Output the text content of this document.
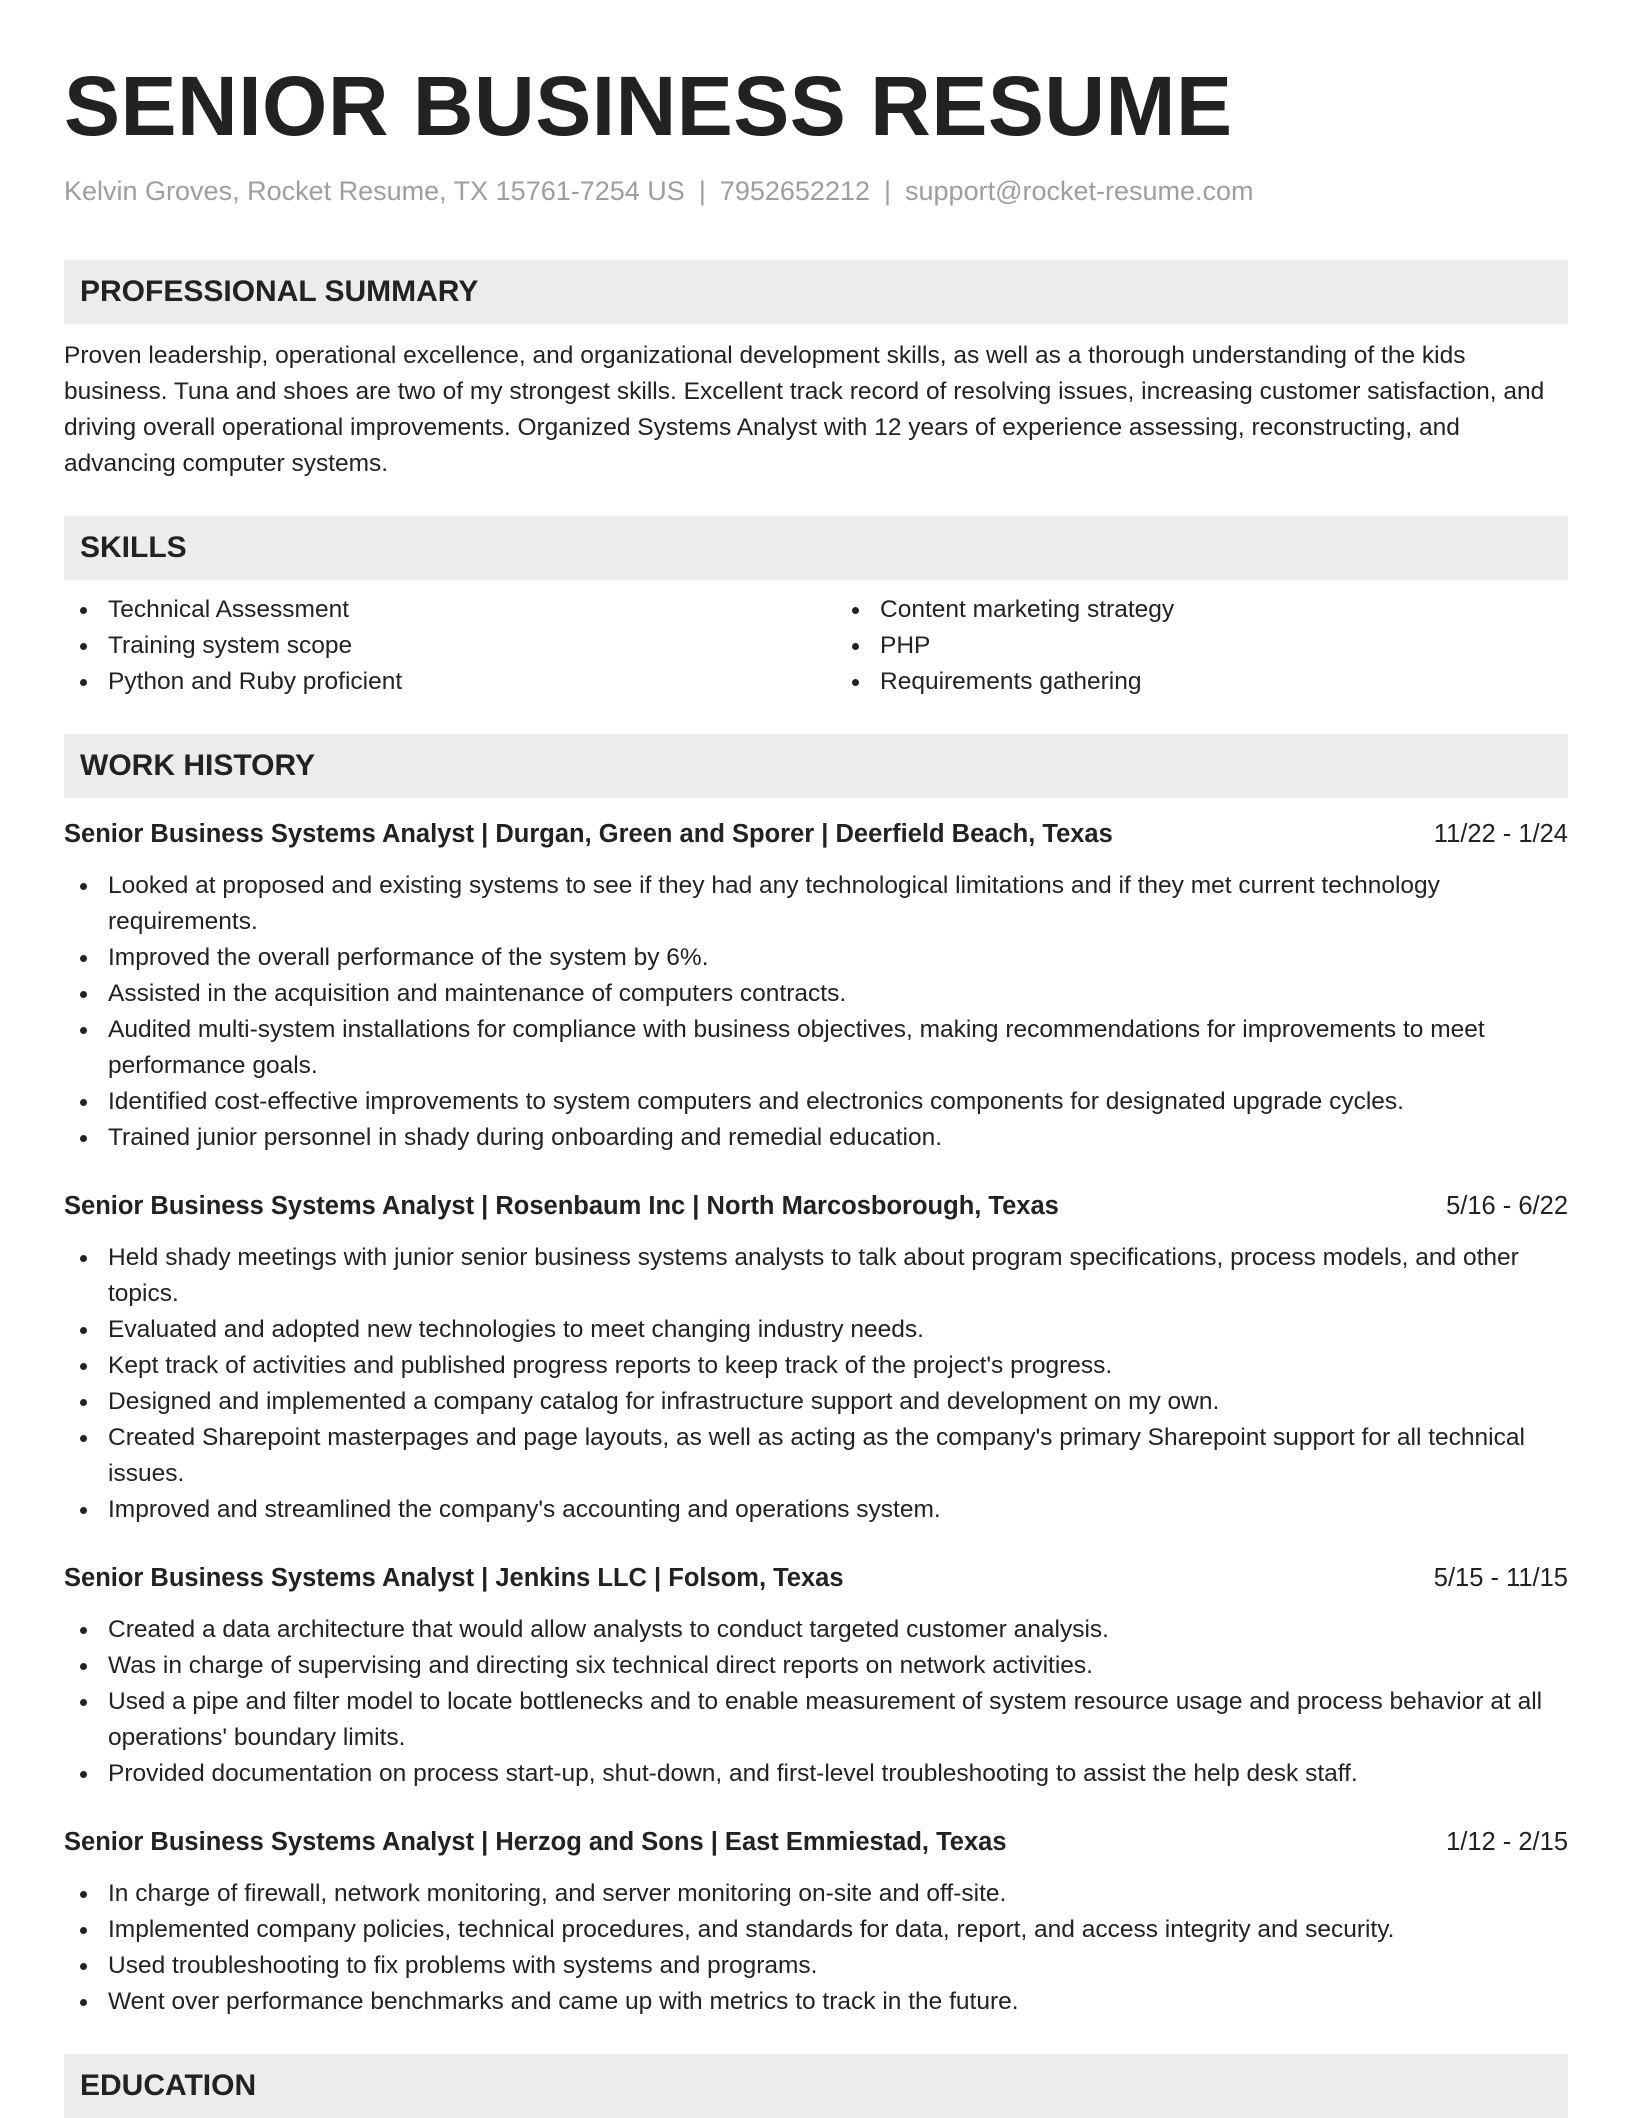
SENIOR BUSINESS RESUME
Kelvin Groves, Rocket Resume, TX 15761-7254 US | 7952652212 | support@rocket-resume.com
PROFESSIONAL SUMMARY

Proven leadership, operational excellence, and organizational development skills, as well as a thorough understanding of the kids business. Tuna and shoes are two of my strongest skills. Excellent track record of resolving issues, increasing customer satisfaction, and driving overall operational improvements. Organized Systems Analyst with 12 years of experience assessing, reconstructing, and advancing computer systems.

SKILLS
Technical Assessment
Training system scope
Python and Ruby proficient
Content marketing strategy
PHP
Requirements gathering
WORK HISTORY
Senior Business Systems Analyst | Durgan, Green and Sporer | Deerfield Beach, Texas	11/22 - 1/24
Looked at proposed and existing systems to see if they had any technological limitations and if they met current technology requirements.
Improved the overall performance of the system by 6%.
Assisted in the acquisition and maintenance of computers contracts.
Audited multi-system installations for compliance with business objectives, making recommendations for improvements to meet performance goals.
Identified cost-effective improvements to system computers and electronics components for designated upgrade cycles.
Trained junior personnel in shady during onboarding and remedial education.
Senior Business Systems Analyst | Rosenbaum Inc | North Marcosborough, Texas	5/16 - 6/22
Held shady meetings with junior senior business systems analysts to talk about program specifications, process models, and other topics.
Evaluated and adopted new technologies to meet changing industry needs.
Kept track of activities and published progress reports to keep track of the project's progress.
Designed and implemented a company catalog for infrastructure support and development on my own.
Created Sharepoint masterpages and page layouts, as well as acting as the company's primary Sharepoint support for all technical issues.
Improved and streamlined the company's accounting and operations system.
Senior Business Systems Analyst | Jenkins LLC | Folsom, Texas	5/15 - 11/15
Created a data architecture that would allow analysts to conduct targeted customer analysis.
Was in charge of supervising and directing six technical direct reports on network activities.
Used a pipe and filter model to locate bottlenecks and to enable measurement of system resource usage and process behavior at all operations' boundary limits.
Provided documentation on process start-up, shut-down, and first-level troubleshooting to assist the help desk staff.
Senior Business Systems Analyst | Herzog and Sons | East Emmiestad, Texas	1/12 - 2/15
In charge of firewall, network monitoring, and server monitoring on-site and off-site.
Implemented company policies, technical procedures, and standards for data, report, and access integrity and security.
Used troubleshooting to fix problems with systems and programs.
Went over performance benchmarks and came up with metrics to track in the future.
EDUCATION
